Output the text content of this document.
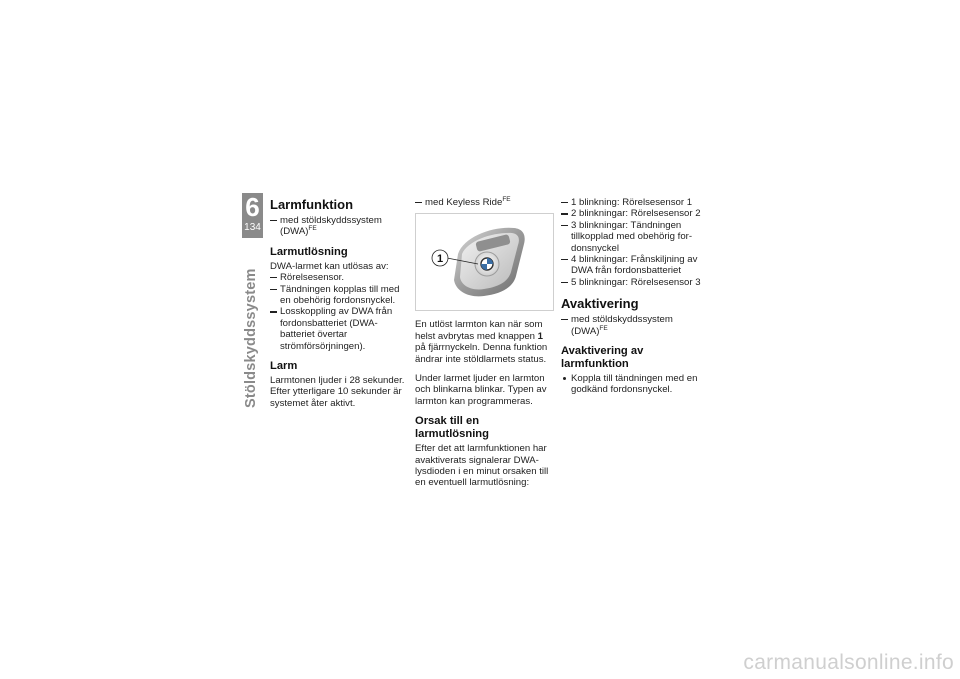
6
134
Stöldskyddssystem
Larmfunktion
med stöldskyddssystem (DWA)$^{FE}$
Larmutlösning

DWA-larmet kan utlösas av:

Rörelsesensor.
Tändningen kopplas till med en obehörig fordonsnyckel.
Losskoppling av DWA från fordonsbatteriet (DWA-batteriet övertar strömförsörjningen).
Larm

Larmtonen ljuder i 28 sekunder. Efter ytterligare 10 sekunder är systemet åter aktivt.

med Keyless Ride$^{FE}$
1

En utlöst larmton kan när som helst avbrytas med knappen 1 på fjärrnyckeln. Denna funktion ändrar inte stöldlarmets status.

Under larmet ljuder en larmton och blinkarna blinkar. Typen av larmton kan programmeras.

Orsak till en larmutlösning

Efter det att larmfunktionen har avaktiverats signalerar DWA-lysdioden i en minut orsaken till en eventuell larmutlösning:

1 blinkning: Rörelsesensor 1
2 blinkningar: Rörelsesensor 2
3 blinkningar: Tändningen tillkopplad med obehörig fordonsnyckel
4 blinkningar: Frånskiljning av DWA från fordonsbatteriet
5 blinkningar: Rörelsesensor 3
Avaktivering
med stöldskyddssystem (DWA)$^{FE}$
Avaktivering av larmfunktion
Koppla till tändningen med en godkänd fordonsnyckel.
carmanualsonline.info
